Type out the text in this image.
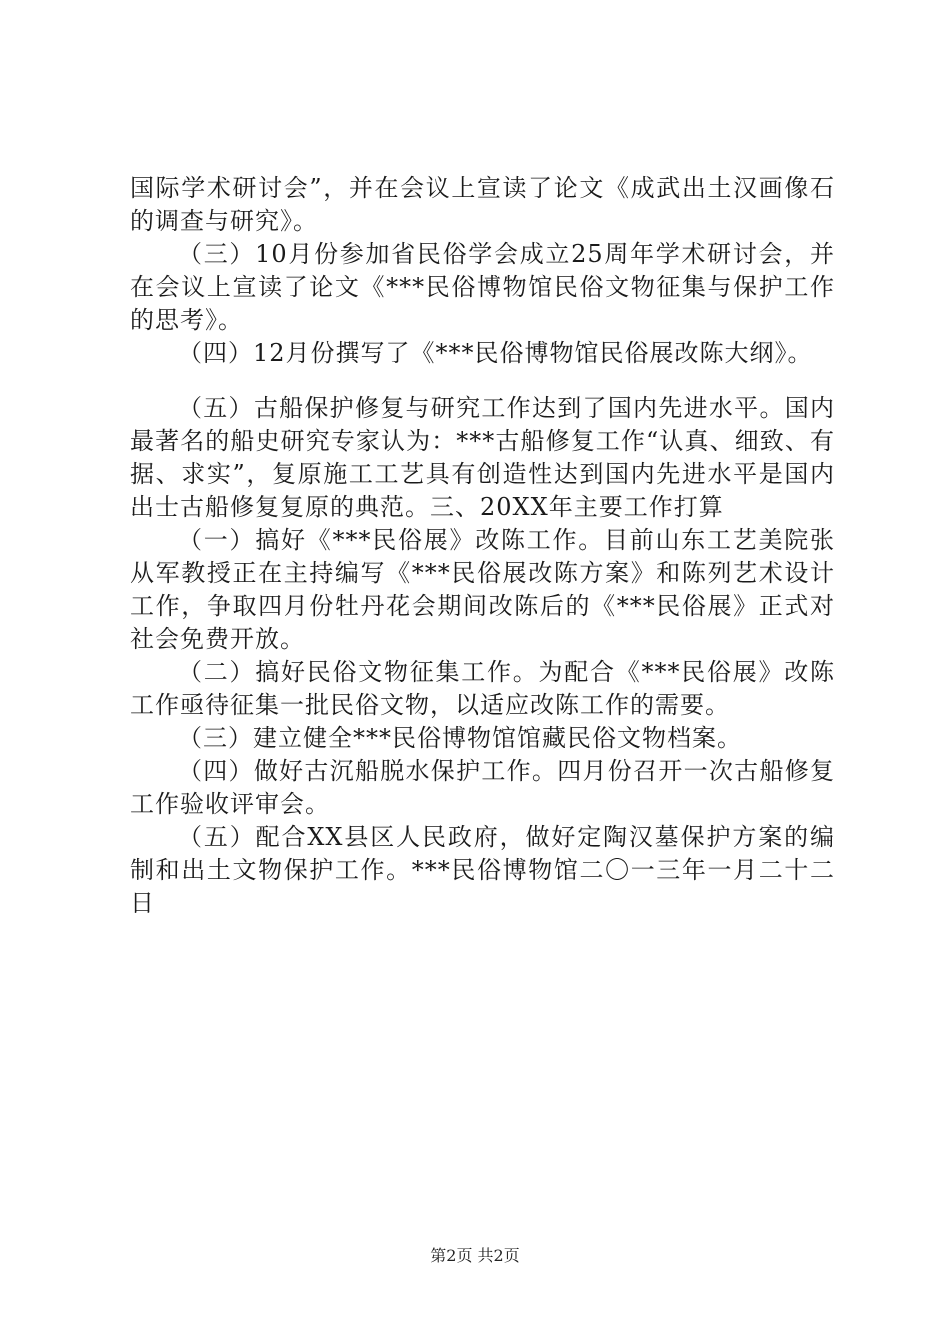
国际学术研讨会”，并在会议上宣读了论文《成武出土汉画像石的调查与研究》。

（三）10月份参加省民俗学会成立25周年学术研讨会，并在会议上宣读了论文《***民俗博物馆民俗文物征集与保护工作的思考》。

（四）12月份撰写了《***民俗博物馆民俗展改陈大纲》。

（五）古船保护修复与研究工作达到了国内先进水平。国内最著名的船史研究专家认为：***古船修复工作“认真、细致、有据、求实”，复原施工工艺具有创造性达到国内先进水平是国内出士古船修复复原的典范。三、20XX年主要工作打算

（一）搞好《***民俗展》改陈工作。目前山东工艺美院张从军教授正在主持编写《***民俗展改陈方案》和陈列艺术设计工作，争取四月份牡丹花会期间改陈后的《***民俗展》正式对社会免费开放。

（二）搞好民俗文物征集工作。为配合《***民俗展》改陈工作亟待征集一批民俗文物，以适应改陈工作的需要。

（三）建立健全***民俗博物馆馆藏民俗文物档案。

（四）做好古沉船脱水保护工作。四月份召开一次古船修复工作验收评审会。

（五）配合XX县区人民政府，做好定陶汉墓保护方案的编制和出土文物保护工作。***民俗博物馆二〇一三年一月二十二日

第2页 共2页
